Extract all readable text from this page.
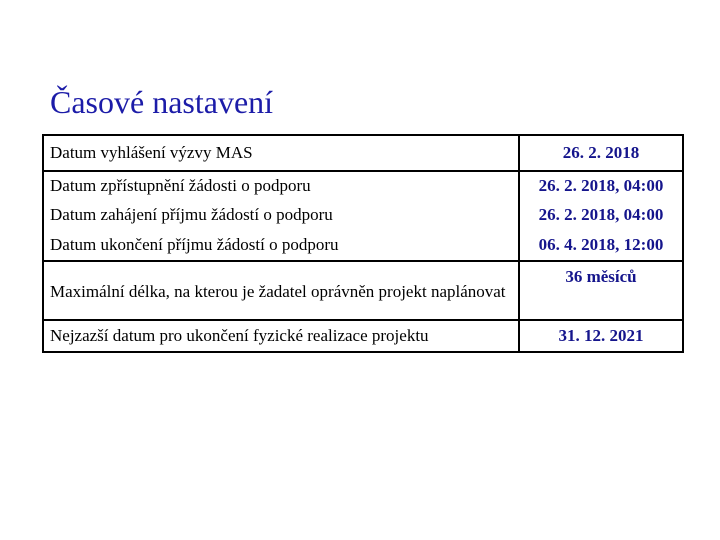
Časové nastavení
Datum vyhlášení výzvy MAS	26. 2. 2018
Datum zpřístupnění žádosti o podporu	26. 2. 2018, 04:00
Datum zahájení příjmu žádostí o podporu	26. 2. 2018, 04:00
Datum ukončení příjmu žádostí o podporu	06. 4. 2018, 12:00
Maximální délka, na kterou je žadatel oprávněn projekt naplánovat	36 měsíců
Nejzazší datum pro ukončení fyzické realizace projektu	31. 12. 2021
